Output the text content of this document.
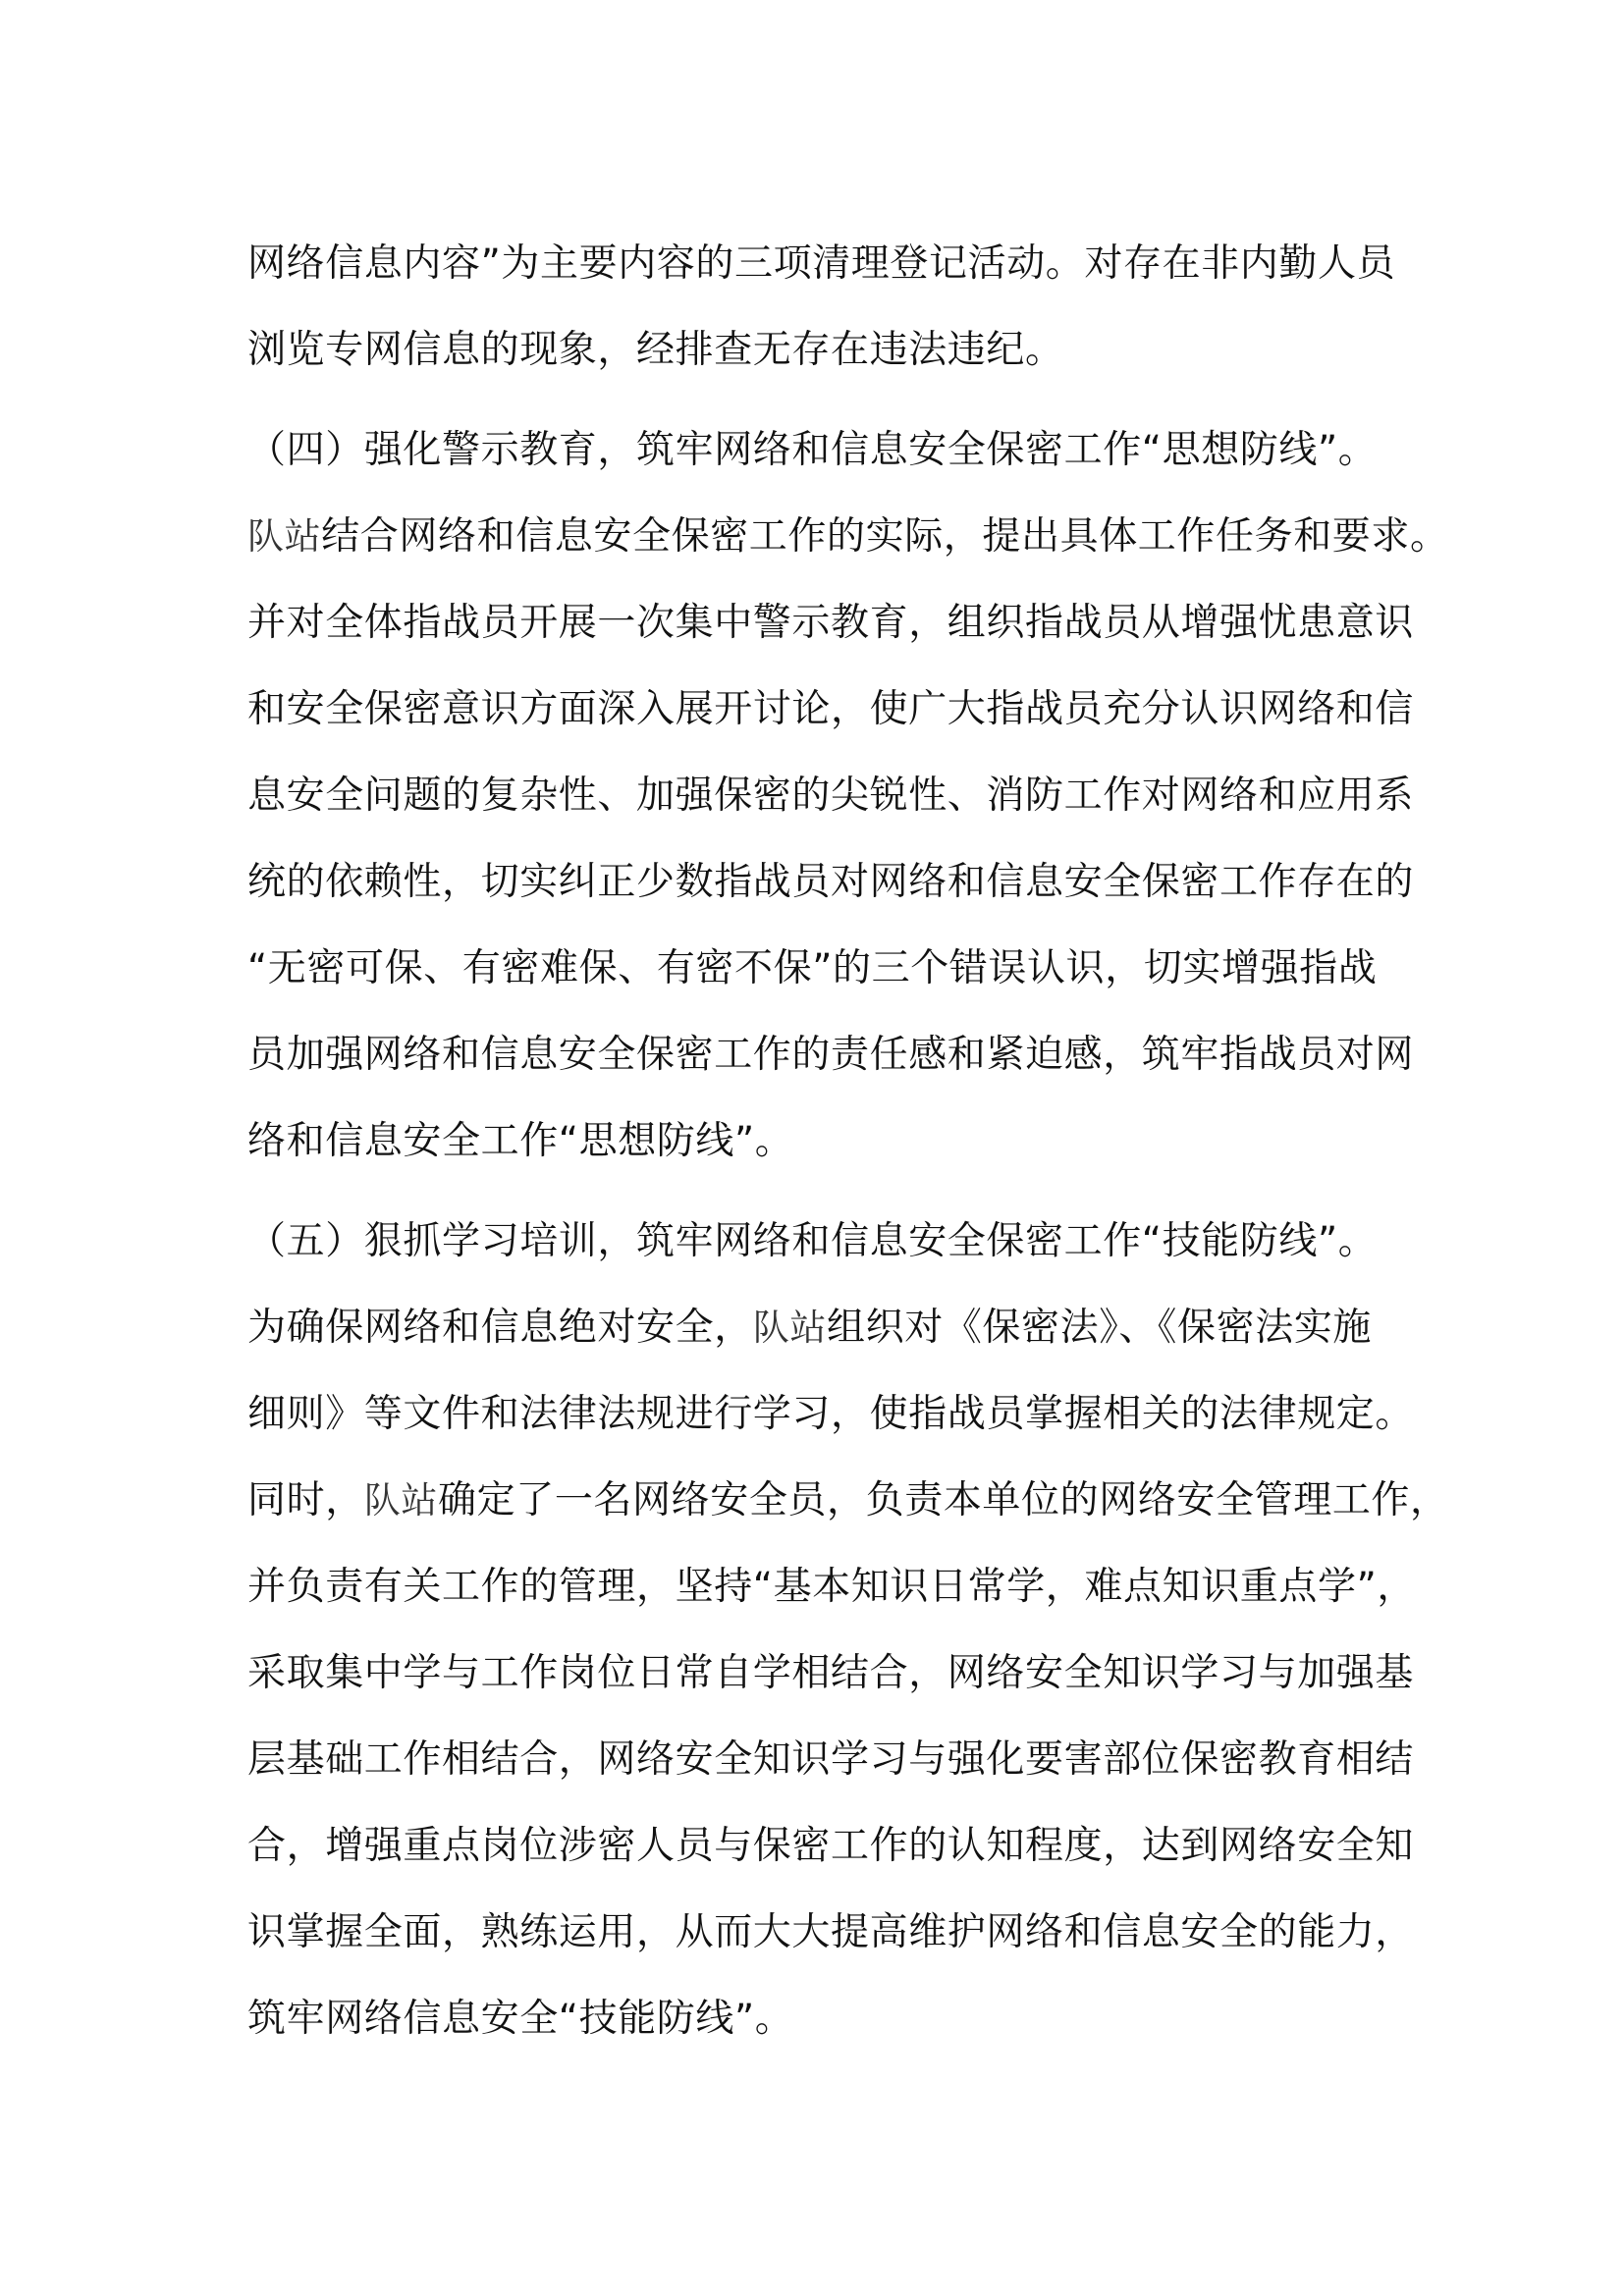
网络信息内容”为主要内容的三项清理登记活动。对存在非内勤人员
浏览专网信息的现象，经排查无存在违法违纪。
（四）强化警示教育，筑牢网络和信息安全保密工作“思想防线”。
队站结合网络和信息安全保密工作的实际，提出具体工作任务和要求。
并对全体指战员开展一次集中警示教育，组织指战员从增强忧患意识
和安全保密意识方面深入展开讨论，使广大指战员充分认识网络和信
息安全问题的复杂性、加强保密的尖锐性、消防工作对网络和应用系
统的依赖性，切实纠正少数指战员对网络和信息安全保密工作存在的
“无密可保、有密难保、有密不保”的三个错误认识，切实增强指战
员加强网络和信息安全保密工作的责任感和紧迫感，筑牢指战员对网
络和信息安全工作“思想防线”。
（五）狠抓学习培训，筑牢网络和信息安全保密工作“技能防线”。
为确保网络和信息绝对安全，队站组织对《保密法》、《保密法实施
细则》等文件和法律法规进行学习，使指战员掌握相关的法律规定。
同时，队站确定了一名网络安全员，负责本单位的网络安全管理工作，
并负责有关工作的管理，坚持“基本知识日常学，难点知识重点学”，
采取集中学与工作岗位日常自学相结合，网络安全知识学习与加强基
层基础工作相结合，网络安全知识学习与强化要害部位保密教育相结
合，增强重点岗位涉密人员与保密工作的认知程度，达到网络安全知
识掌握全面，熟练运用，从而大大提高维护网络和信息安全的能力，
筑牢网络信息安全“技能防线”。
